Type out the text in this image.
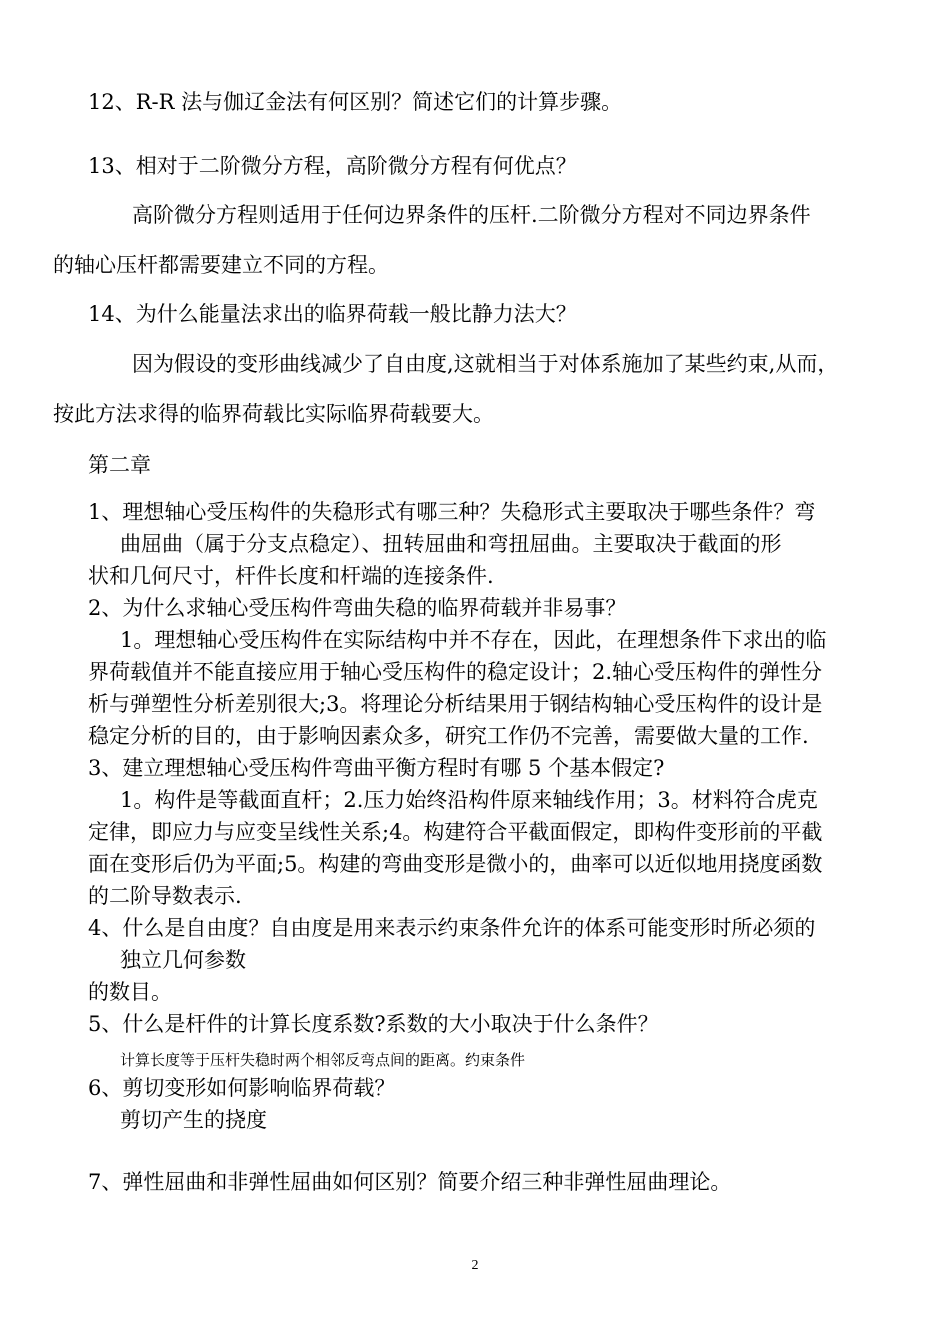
12、R-R 法与伽辽金法有何区别？简述它们的计算步骤。
13、相对于二阶微分方程，高阶微分方程有何优点？
高阶微分方程则适用于任何边界条件的压杆.二阶微分方程对不同边界条件
的轴心压杆都需要建立不同的方程。
14、为什么能量法求出的临界荷载一般比静力法大？
因为假设的变形曲线减少了自由度,这就相当于对体系施加了某些约束,从而，
按此方法求得的临界荷载比实际临界荷载要大。
第二章
1、理想轴心受压构件的失稳形式有哪三种？失稳形式主要取决于哪些条件？弯
曲屈曲（属于分支点稳定）、扭转屈曲和弯扭屈曲。主要取决于截面的形
状和几何尺寸，杆件长度和杆端的连接条件.
2、为什么求轴心受压构件弯曲失稳的临界荷载并非易事？
1。理想轴心受压构件在实际结构中并不存在，因此，在理想条件下求出的临
界荷载值并不能直接应用于轴心受压构件的稳定设计；2.轴心受压构件的弹性分
析与弹塑性分析差别很大;3。将理论分析结果用于钢结构轴心受压构件的设计是
稳定分析的目的，由于影响因素众多，研究工作仍不完善，需要做大量的工作.
3、建立理想轴心受压构件弯曲平衡方程时有哪 5 个基本假定?
1。构件是等截面直杆；2.压力始终沿构件原来轴线作用；3。材料符合虎克
定律，即应力与应变呈线性关系;4。构建符合平截面假定，即构件变形前的平截
面在变形后仍为平面;5。构建的弯曲变形是微小的，曲率可以近似地用挠度函数
的二阶导数表示.
4、什么是自由度？自由度是用来表示约束条件允许的体系可能变形时所必须的
独立几何参数
的数目。
5、什么是杆件的计算长度系数?系数的大小取决于什么条件？
计算长度等于压杆失稳时两个相邻反弯点间的距离。约束条件
6、剪切变形如何影响临界荷载？
剪切产生的挠度
7、弹性屈曲和非弹性屈曲如何区别？简要介绍三种非弹性屈曲理论。
2
